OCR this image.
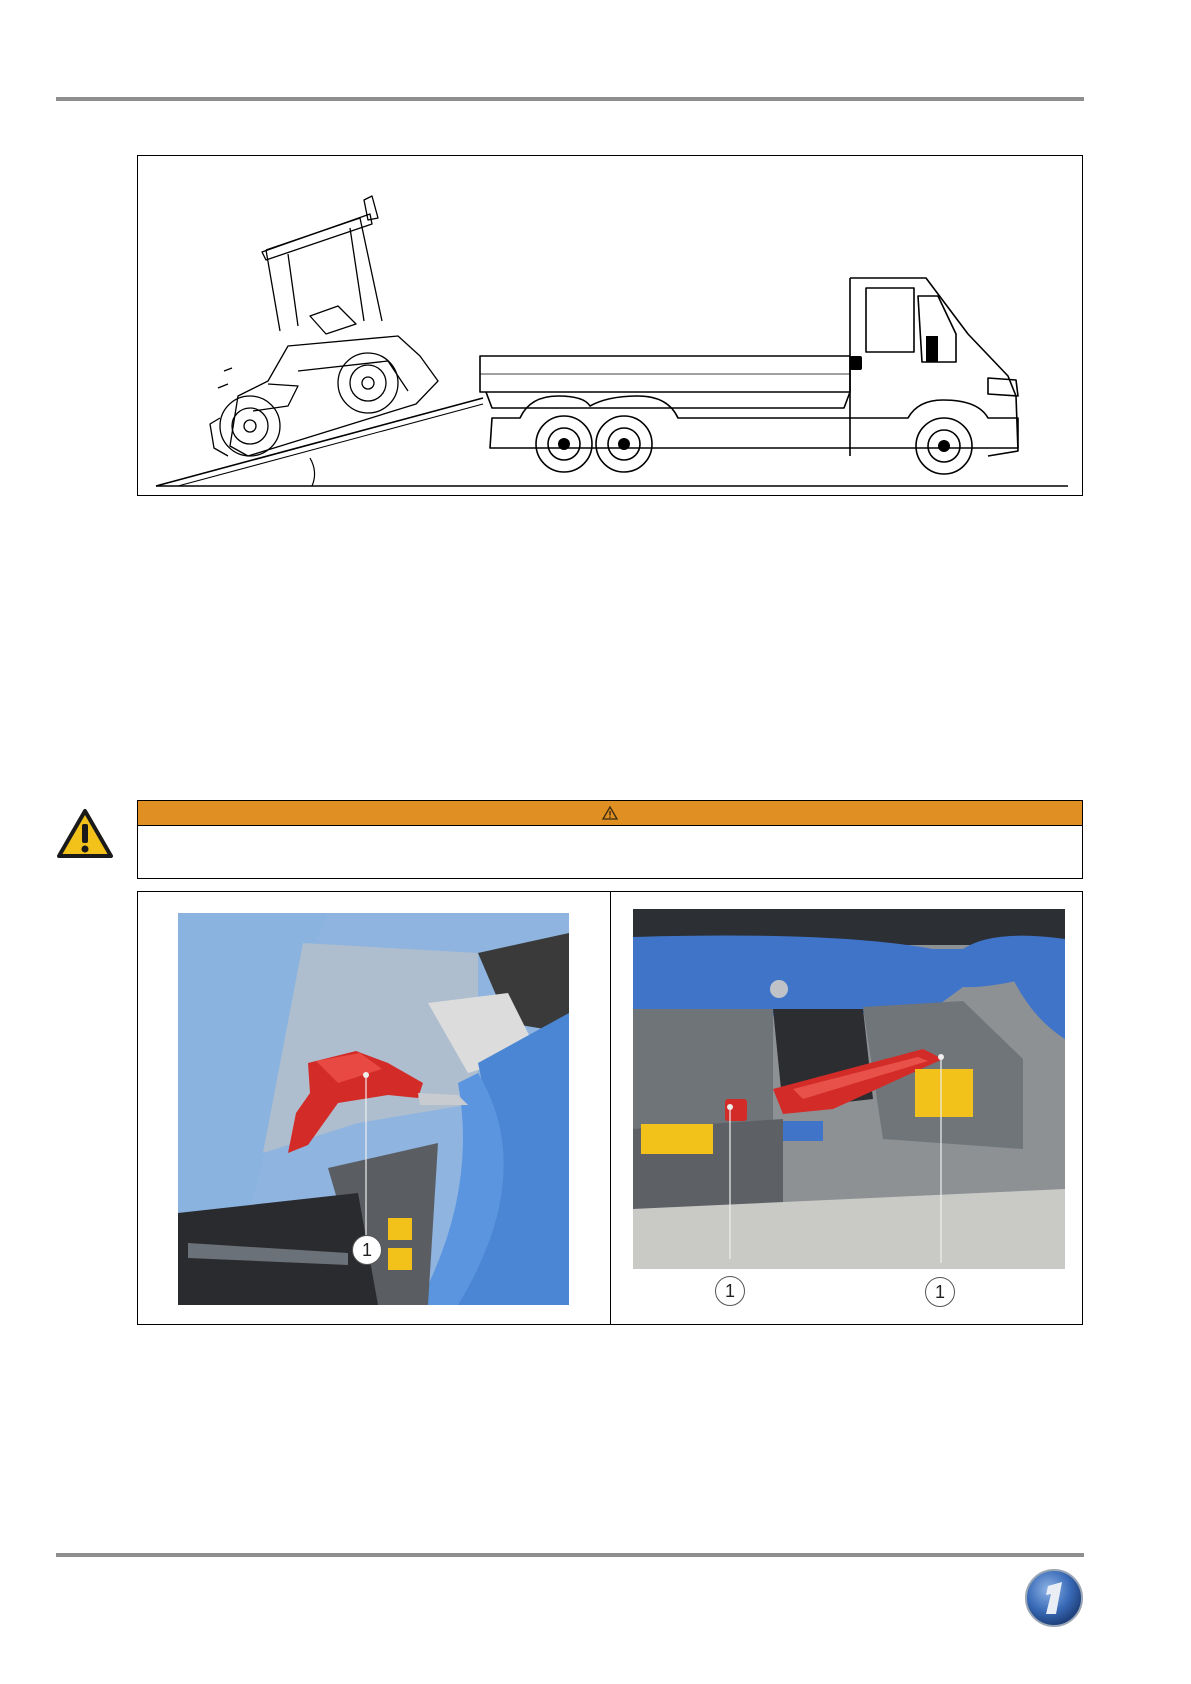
1
1	1
